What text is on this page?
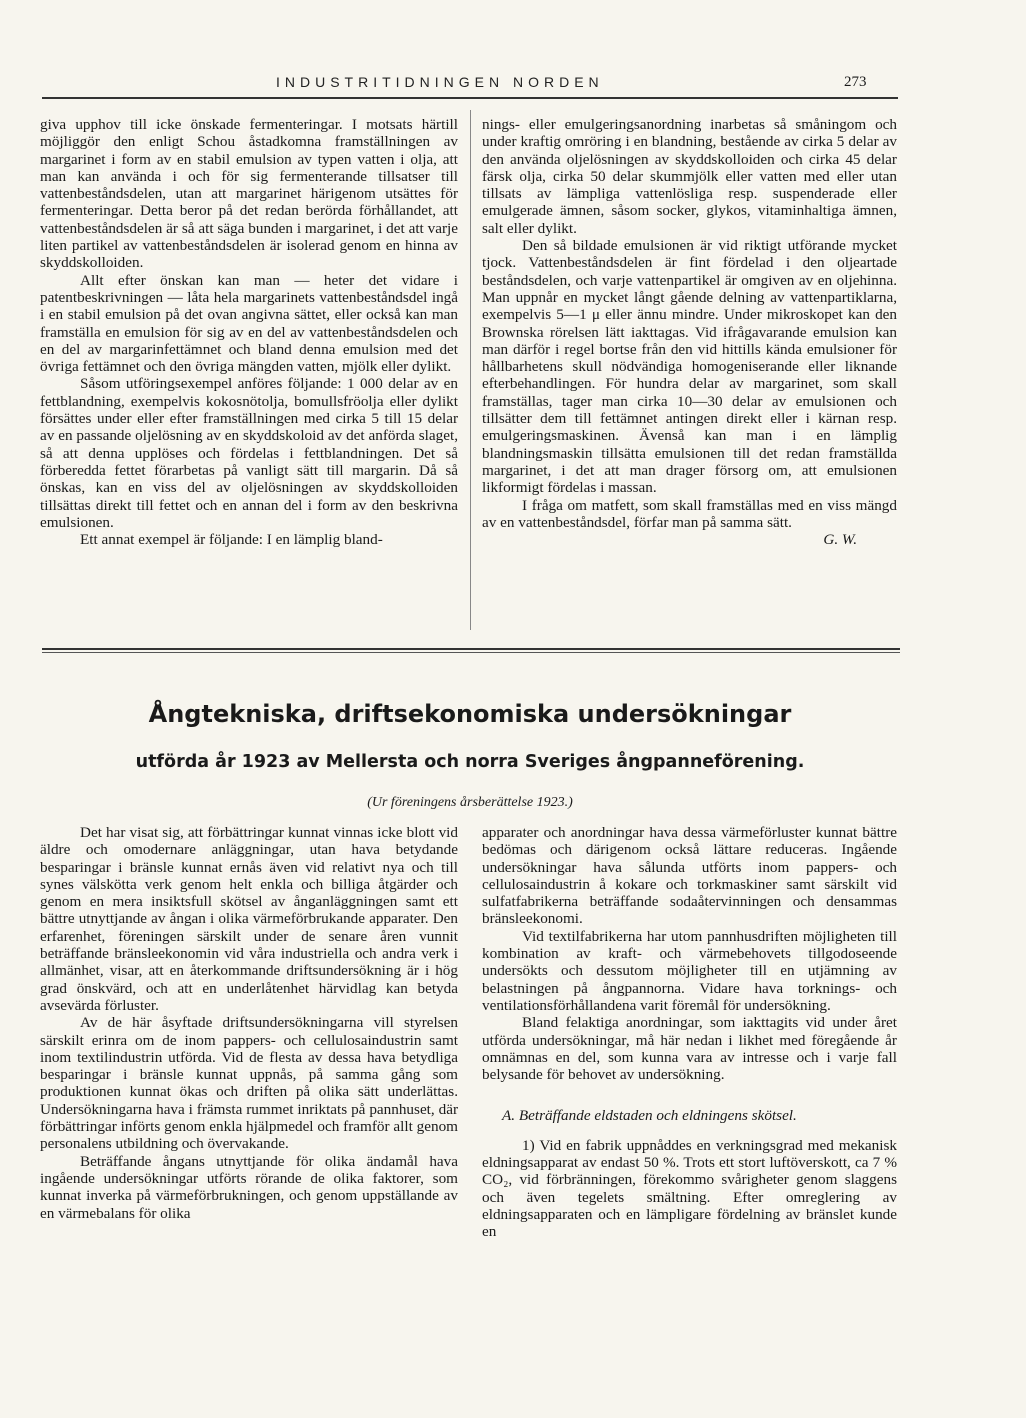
INDUSTRITIDNINGEN NORDEN	273

giva upphov till icke önskade fermenteringar. I motsats härtill möjliggör den enligt Schou åstadkomna framställningen av margarinet i form av en stabil emulsion av typen vatten i olja, att man kan använda i och för sig fermenterande tillsatser till vattenbeståndsdelen, utan att margarinet härigenom utsättes för fermenteringar. Detta beror på det redan berörda förhållandet, att vattenbeståndsdelen är så att säga bunden i margarinet, i det att varje liten partikel av vattenbeståndsdelen är isolerad genom en hinna av skyddskolloiden.

Allt efter önskan kan man — heter det vidare i patentbeskrivningen — låta hela margarinets vattenbeståndsdel ingå i en stabil emulsion på det ovan angivna sättet, eller också kan man framställa en emulsion för sig av en del av vattenbeståndsdelen och en del av margarinfettämnet och bland denna emulsion med det övriga fettämnet och den övriga mängden vatten, mjölk eller dylikt.

Såsom utföringsexempel anföres följande: 1 000 delar av en fettblandning, exempelvis kokosnötolja, bomullsfröolja eller dylikt försättes under eller efter framställningen med cirka 5 till 15 delar av en passande oljelösning av en skyddskoloid av det anförda slaget, så att denna upplöses och fördelas i fettblandningen. Det så förberedda fettet förarbetas på vanligt sätt till margarin. Då så önskas, kan en viss del av oljelösningen av skyddskolloiden tillsättas direkt till fettet och en annan del i form av den beskrivna emulsionen.

Ett annat exempel är följande: I en lämplig bland-

nings- eller emulgeringsanordning inarbetas så småningom och under kraftig omröring i en blandning, bestående av cirka 5 delar av den använda oljelösningen av skyddskolloiden och cirka 45 delar färsk olja, cirka 50 delar skummjölk eller vatten med eller utan tillsats av lämpliga vattenlösliga resp. suspenderade eller emulgerade ämnen, såsom socker, glykos, vitaminhaltiga ämnen, salt eller dylikt.

Den så bildade emulsionen är vid riktigt utförande mycket tjock. Vattenbeståndsdelen är fint fördelad i den oljeartade beståndsdelen, och varje vattenpartikel är omgiven av en oljehinna. Man uppnår en mycket långt gående delning av vattenpartiklarna, exempelvis 5—1 μ eller ännu mindre. Under mikroskopet kan den Brownska rörelsen lätt iakttagas. Vid ifrågavarande emulsion kan man därför i regel bortse från den vid hittills kända emulsioner för hållbarhetens skull nödvändiga homogeniserande eller liknande efterbehandlingen. För hundra delar av margarinet, som skall framställas, tager man cirka 10—30 delar av emulsionen och tillsätter dem till fettämnet antingen direkt eller i kärnan resp. emulgeringsmaskinen. Ävenså kan man i en lämplig blandningsmaskin tillsätta emulsionen till det redan framställda margarinet, i det att man drager försorg om, att emulsionen likformigt fördelas i massan.

I fråga om matfett, som skall framställas med en viss mängd av en vattenbeståndsdel, förfar man på samma sätt.

G. W.

Ångtekniska, driftsekonomiska undersökningar
utförda år 1923 av Mellersta och norra Sveriges ångpanneförening.
(Ur föreningens årsberättelse 1923.)

Det har visat sig, att förbättringar kunnat vinnas icke blott vid äldre och omodernare anläggningar, utan hava betydande besparingar i bränsle kunnat ernås även vid relativt nya och till synes välskötta verk genom helt enkla och billiga åtgärder och genom en mera insiktsfull skötsel av ånganläggningen samt ett bättre utnyttjande av ångan i olika värmeförbrukande apparater. Den erfarenhet, föreningen särskilt under de senare åren vunnit beträffande bränsleekonomin vid våra industriella och andra verk i allmänhet, visar, att en återkommande driftsundersökning är i hög grad önskvärd, och att en underlåtenhet härvidlag kan betyda avsevärda förluster.

Av de här åsyftade driftsundersökningarna vill styrelsen särskilt erinra om de inom pappers- och cellulosaindustrin samt inom textilindustrin utförda. Vid de flesta av dessa hava betydliga besparingar i bränsle kunnat uppnås, på samma gång som produktionen kunnat ökas och driften på olika sätt underlättas. Undersökningarna hava i främsta rummet inriktats på pannhuset, där förbättringar införts genom enkla hjälpmedel och framför allt genom personalens utbildning och övervakande.

Beträffande ångans utnyttjande för olika ändamål hava ingående undersökningar utförts rörande de olika faktorer, som kunnat inverka på värmeförbrukningen, och genom uppställande av en värmebalans för olika

apparater och anordningar hava dessa värmeförluster kunnat bättre bedömas och därigenom också lättare reduceras. Ingående undersökningar hava sålunda utförts inom pappers- och cellulosaindustrin å kokare och torkmaskiner samt särskilt vid sulfatfabrikerna beträffande sodaåtervinningen och densammas bränsleekonomi.

Vid textilfabrikerna har utom pannhusdriften möjligheten till kombination av kraft- och värmebehovets tillgodoseende undersökts och dessutom möjligheter till en utjämning av belastningen på ångpannorna. Vidare hava torknings- och ventilationsförhållandena varit föremål för undersökning.

Bland felaktiga anordningar, som iakttagits vid under året utförda undersökningar, må här nedan i likhet med föregående år omnämnas en del, som kunna vara av intresse och i varje fall belysande för behovet av undersökning.

A. Beträffande eldstaden och eldningens skötsel.

1) Vid en fabrik uppnåddes en verkningsgrad med mekanisk eldningsapparat av endast 50 %. Trots ett stort luftöverskott, ca 7 % CO₂, vid förbränningen, förekommo svårigheter genom slaggens och även tegelets smältning. Efter omreglering av eldningsapparaten och en lämpligare fördelning av bränslet kunde en
